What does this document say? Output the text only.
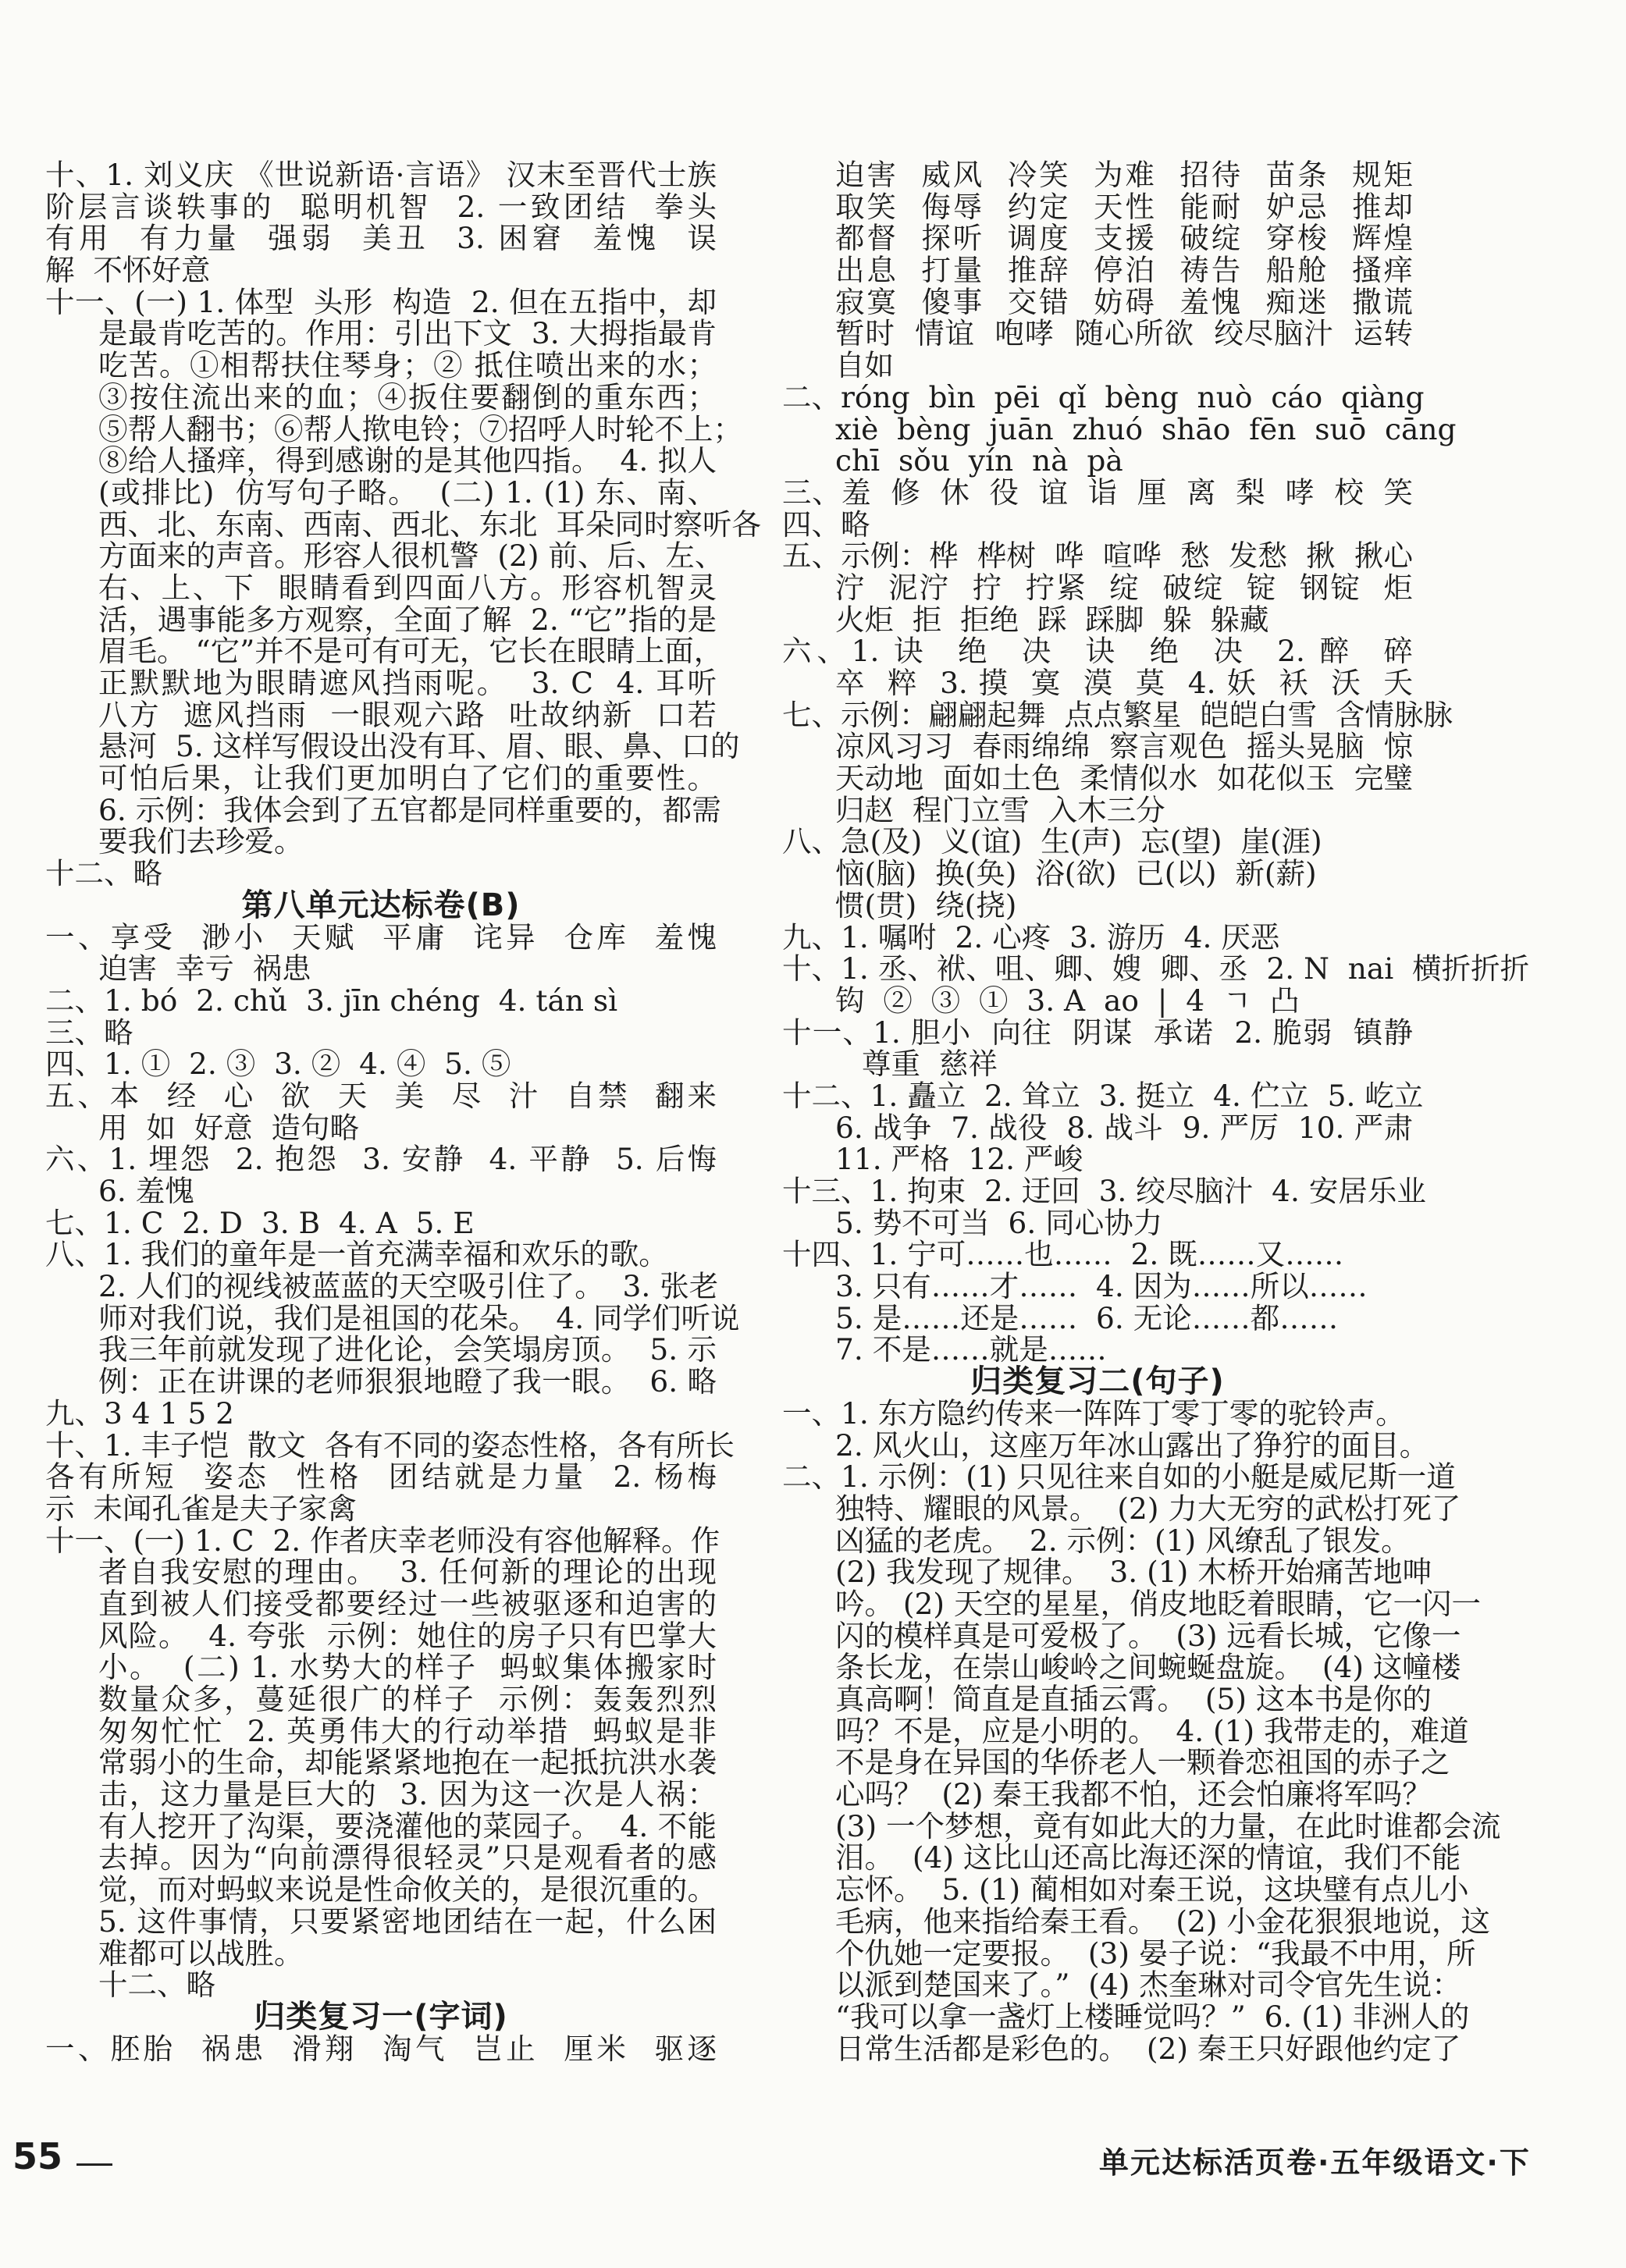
十、1. 刘义庆 《世说新语·言语》 汉末至晋代士族
阶层言谈轶事的  聪明机智  2. 一致团结  拳头
有用  有力量  强弱  美丑  3. 困窘  羞愧  误
解  不怀好意
十一、(一) 1. 体型  头形  构造  2. 但在五指中，却
是最肯吃苦的。作用：引出下文  3. 大拇指最肯
吃苦。①相帮扶住琴身；② 抵住喷出来的水；
③按住流出来的血；④扳住要翻倒的重东西；
⑤帮人翻书；⑥帮人揿电铃；⑦招呼人时轮不上；
⑧给人搔痒，得到感谢的是其他四指。  4. 拟人
(或排比)  仿写句子略。  (二) 1. (1) 东、南、
西、北、东南、西南、西北、东北  耳朵同时察听各
方面来的声音。形容人很机警  (2) 前、后、左、
右、上、下  眼睛看到四面八方。形容机智灵
活，遇事能多方观察，全面了解  2. “它”指的是
眉毛。 “它”并不是可有可无，它长在眼睛上面，
正默默地为眼睛遮风挡雨呢。  3. C  4. 耳听
八方  遮风挡雨  一眼观六路  吐故纳新  口若
悬河  5. 这样写假设出没有耳、眉、眼、鼻、口的
可怕后果，让我们更加明白了它们的重要性。
6. 示例：我体会到了五官都是同样重要的，都需
要我们去珍爱。
十二、略
第八单元达标卷(B)
一、享受  渺小  天赋  平庸  诧异  仓库  羞愧
迫害  幸亏  祸患
二、1. bó  2. chǔ  3. jīn chéng  4. tán sì
三、略
四、1. ①  2. ③  3. ②  4. ④  5. ⑤
五、本  经  心  欲  天  美  尽  汁  自禁  翻来
用  如  好意  造句略
六、1. 埋怨  2. 抱怨  3. 安静  4. 平静  5. 后悔
6. 羞愧
七、1. C  2. D  3. B  4. A  5. E
八、1. 我们的童年是一首充满幸福和欢乐的歌。
2. 人们的视线被蓝蓝的天空吸引住了。  3. 张老
师对我们说，我们是祖国的花朵。  4. 同学们听说
我三年前就发现了进化论，会笑塌房顶。  5. 示
例：正在讲课的老师狠狠地瞪了我一眼。  6. 略
九、3 4 1 5 2
十、1. 丰子恺  散文  各有不同的姿态性格，各有所长
各有所短  姿态  性格  团结就是力量  2. 杨梅
示  未闻孔雀是夫子家禽
十一、(一) 1. C  2. 作者庆幸老师没有容他解释。作
者自我安慰的理由。  3. 任何新的理论的出现
直到被人们接受都要经过一些被驱逐和迫害的
风险。  4. 夸张  示例：她住的房子只有巴掌大
小。  (二) 1. 水势大的样子  蚂蚁集体搬家时
数量众多，蔓延很广的样子  示例：轰轰烈烈
匆匆忙忙  2. 英勇伟大的行动举措  蚂蚁是非
常弱小的生命，却能紧紧地抱在一起抵抗洪水袭
击，这力量是巨大的  3. 因为这一次是人祸：
有人挖开了沟渠，要浇灌他的菜园子。  4. 不能
去掉。因为“向前漂得很轻灵”只是观看者的感
觉，而对蚂蚁来说是性命攸关的，是很沉重的。
5. 这件事情，只要紧密地团结在一起，什么困
难都可以战胜。
十二、略
归类复习一(字词)
一、胚胎  祸患  滑翔  淘气  岂止  厘米  驱逐
迫害  威风  冷笑  为难  招待  苗条  规矩
取笑  侮辱  约定  天性  能耐  妒忌  推却
都督  探听  调度  支援  破绽  穿梭  辉煌
出息  打量  推辞  停泊  祷告  船舱  搔痒
寂寞  傻事  交错  妨碍  羞愧  痴迷  撒谎
暂时  情谊  咆哮  随心所欲  绞尽脑汁  运转
自如
二、róng  bìn  pēi  qǐ  bèng  nuò  cáo  qiàng
xiè  bèng  juān  zhuó  shāo  fēn  suō  cāng
chī  sǒu  yín  nà  pà
三、羞  修  休  役  谊  诣  厘  离  梨  哮  校  笑
四、略
五、示例：桦  桦树  哗  喧哗  愁  发愁  揪  揪心
泞  泥泞  拧  拧紧  绽  破绽  锭  钢锭  炬
火炬  拒  拒绝  踩  踩脚  躲  躲藏
六、1. 诀  绝  决  诀  绝  决  2. 醉  碎
卒  粹  3. 摸  寞  漠  莫  4. 妖  袄  沃  夭
七、示例：翩翩起舞  点点繁星  皑皑白雪  含情脉脉
凉风习习  春雨绵绵  察言观色  摇头晃脑  惊
天动地  面如土色  柔情似水  如花似玉  完璧
归赵  程门立雪  入木三分
八、急(及)  义(谊)  生(声)  忘(望)  崖(涯)
恼(脑)  换(奂)  浴(欲)  已(以)  新(薪)
惯(贯)  绕(挠)
九、1. 嘱咐  2. 心疼  3. 游历  4. 厌恶
十、1. 丞、袱、咀、卿、嫂  卿、丞  2. N  nai  横折折折
钩  ②  ③  ①  3. A  ao  |  4  ㄱ  凸
十一、1. 胆小  向往  阴谋  承诺  2. 脆弱  镇静
尊重  慈祥
十二、1. 矗立  2. 耸立  3. 挺立  4. 伫立  5. 屹立
6. 战争  7. 战役  8. 战斗  9. 严厉  10. 严肃
11. 严格  12. 严峻
十三、1. 拘束  2. 迂回  3. 绞尽脑汁  4. 安居乐业
5. 势不可当  6. 同心协力
十四、1. 宁可……也……  2. 既……又……
3. 只有……才……  4. 因为……所以……
5. 是……还是……  6. 无论……都……
7. 不是……就是……
归类复习二(句子)
一、1. 东方隐约传来一阵阵丁零丁零的驼铃声。
2. 风火山，这座万年冰山露出了狰狞的面目。
二、1. 示例：(1) 只见往来自如的小艇是威尼斯一道
独特、耀眼的风景。  (2) 力大无穷的武松打死了
凶猛的老虎。  2. 示例：(1) 风缭乱了银发。
(2) 我发现了规律。  3. (1) 木桥开始痛苦地呻
吟。 (2) 天空的星星，俏皮地眨着眼睛，它一闪一
闪的模样真是可爱极了。  (3) 远看长城，它像一
条长龙，在崇山峻岭之间蜿蜒盘旋。  (4) 这幢楼
真高啊！简直是直插云霄。  (5) 这本书是你的
吗？不是，应是小明的。  4. (1) 我带走的，难道
不是身在异国的华侨老人一颗眷恋祖国的赤子之
心吗？  (2) 秦王我都不怕，还会怕廉将军吗？
(3) 一个梦想，竟有如此大的力量，在此时谁都会流
泪。  (4) 这比山还高比海还深的情谊，我们不能
忘怀。  5. (1) 蔺相如对秦王说，这块璧有点儿小
毛病，他来指给秦王看。  (2) 小金花狠狠地说，这
个仇她一定要报。  (3) 晏子说：“我最不中用，所
以派到楚国来了。”  (4) 杰奎琳对司令官先生说：
“我可以拿一盏灯上楼睡觉吗？”  6. (1) 非洲人的
日常生活都是彩色的。  (2) 秦王只好跟他约定了
55	单元达标活页卷·五年级语文·下
